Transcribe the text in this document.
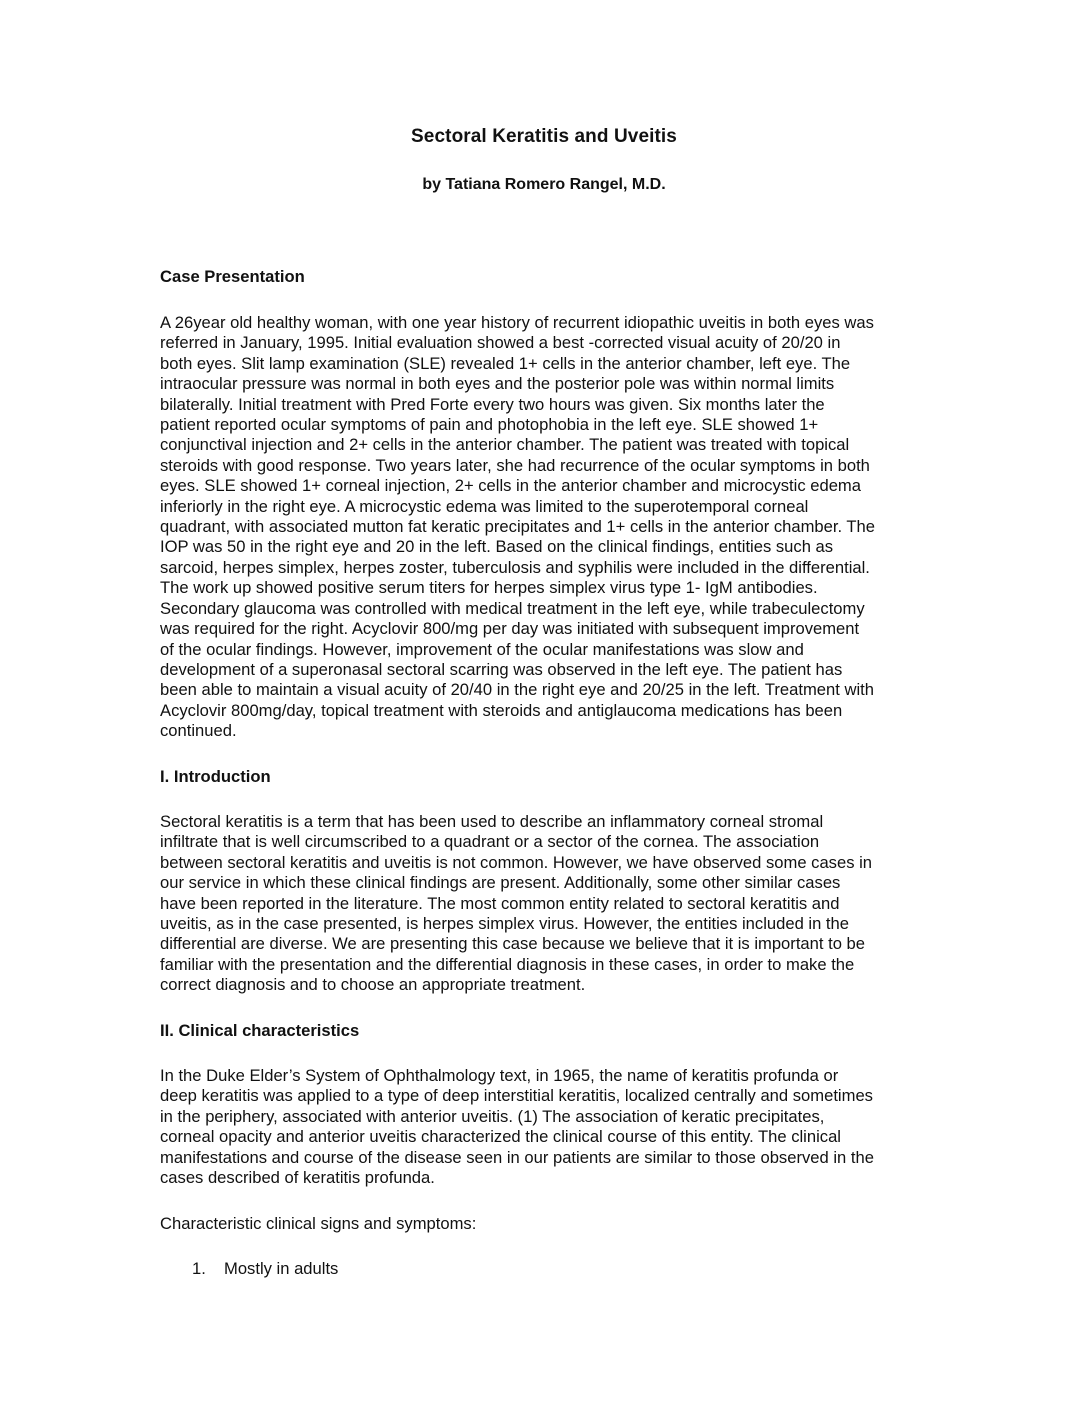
Sectoral Keratitis and Uveitis
by Tatiana Romero Rangel, M.D.
Case Presentation

A 26year old healthy woman, with one year history of recurrent idiopathic uveitis in both eyes was

referred in January, 1995. Initial evaluation showed a best -corrected visual acuity of 20/20 in

both eyes. Slit lamp examination (SLE) revealed 1+ cells in the anterior chamber, left eye. The

intraocular pressure was normal in both eyes and the posterior pole was within normal limits

bilaterally. Initial treatment with Pred Forte every two hours was given. Six months later the

patient reported ocular symptoms of pain and photophobia in the left eye. SLE showed 1+

conjunctival injection and 2+ cells in the anterior chamber. The patient was treated with topical

steroids with good response. Two years later, she had recurrence of the ocular symptoms in both

eyes. SLE showed 1+ corneal injection, 2+ cells in the anterior chamber and microcystic edema

inferiorly in the right eye. A microcystic edema was limited to the superotemporal corneal

quadrant, with associated mutton fat keratic precipitates and 1+ cells in the anterior chamber. The

IOP was 50 in the right eye and 20 in the left. Based on the clinical findings, entities such as

sarcoid, herpes simplex, herpes zoster, tuberculosis and syphilis were included in the differential.

The work up showed positive serum titers for herpes simplex virus type 1- IgM antibodies.

Secondary glaucoma was controlled with medical treatment in the left eye, while trabeculectomy

was required for the right. Acyclovir 800/mg per day was initiated with subsequent improvement

of the ocular findings. However, improvement of the ocular manifestations was slow and

development of a superonasal sectoral scarring was observed in the left eye. The patient has

been able to maintain a visual acuity of 20/40 in the right eye and 20/25 in the left. Treatment with

Acyclovir 800mg/day, topical treatment with steroids and antiglaucoma medications has been

continued.

I. Introduction

Sectoral keratitis is a term that has been used to describe an inflammatory corneal stromal

infiltrate that is well circumscribed to a quadrant or a sector of the cornea. The association

between sectoral keratitis and uveitis is not common. However, we have observed some cases in

our service in which these clinical findings are present. Additionally, some other similar cases

have been reported in the literature. The most common entity related to sectoral keratitis and

uveitis, as in the case presented, is herpes simplex virus. However, the entities included in the

differential are diverse. We are presenting this case because we believe that it is important to be

familiar with the presentation and the differential diagnosis in these cases, in order to make the

correct diagnosis and to choose an appropriate treatment.

II. Clinical characteristics

In the Duke Elder’s System of Ophthalmology text, in 1965, the name of keratitis profunda or

deep keratitis was applied to a type of deep interstitial keratitis, localized centrally and sometimes

in the periphery, associated with anterior uveitis. (1) The association of keratic precipitates,

corneal opacity and anterior uveitis characterized the clinical course of this entity. The clinical

manifestations and course of the disease seen in our patients are similar to those observed in the

cases described of keratitis profunda.

Characteristic clinical signs and symptoms:
1. Mostly in adults
